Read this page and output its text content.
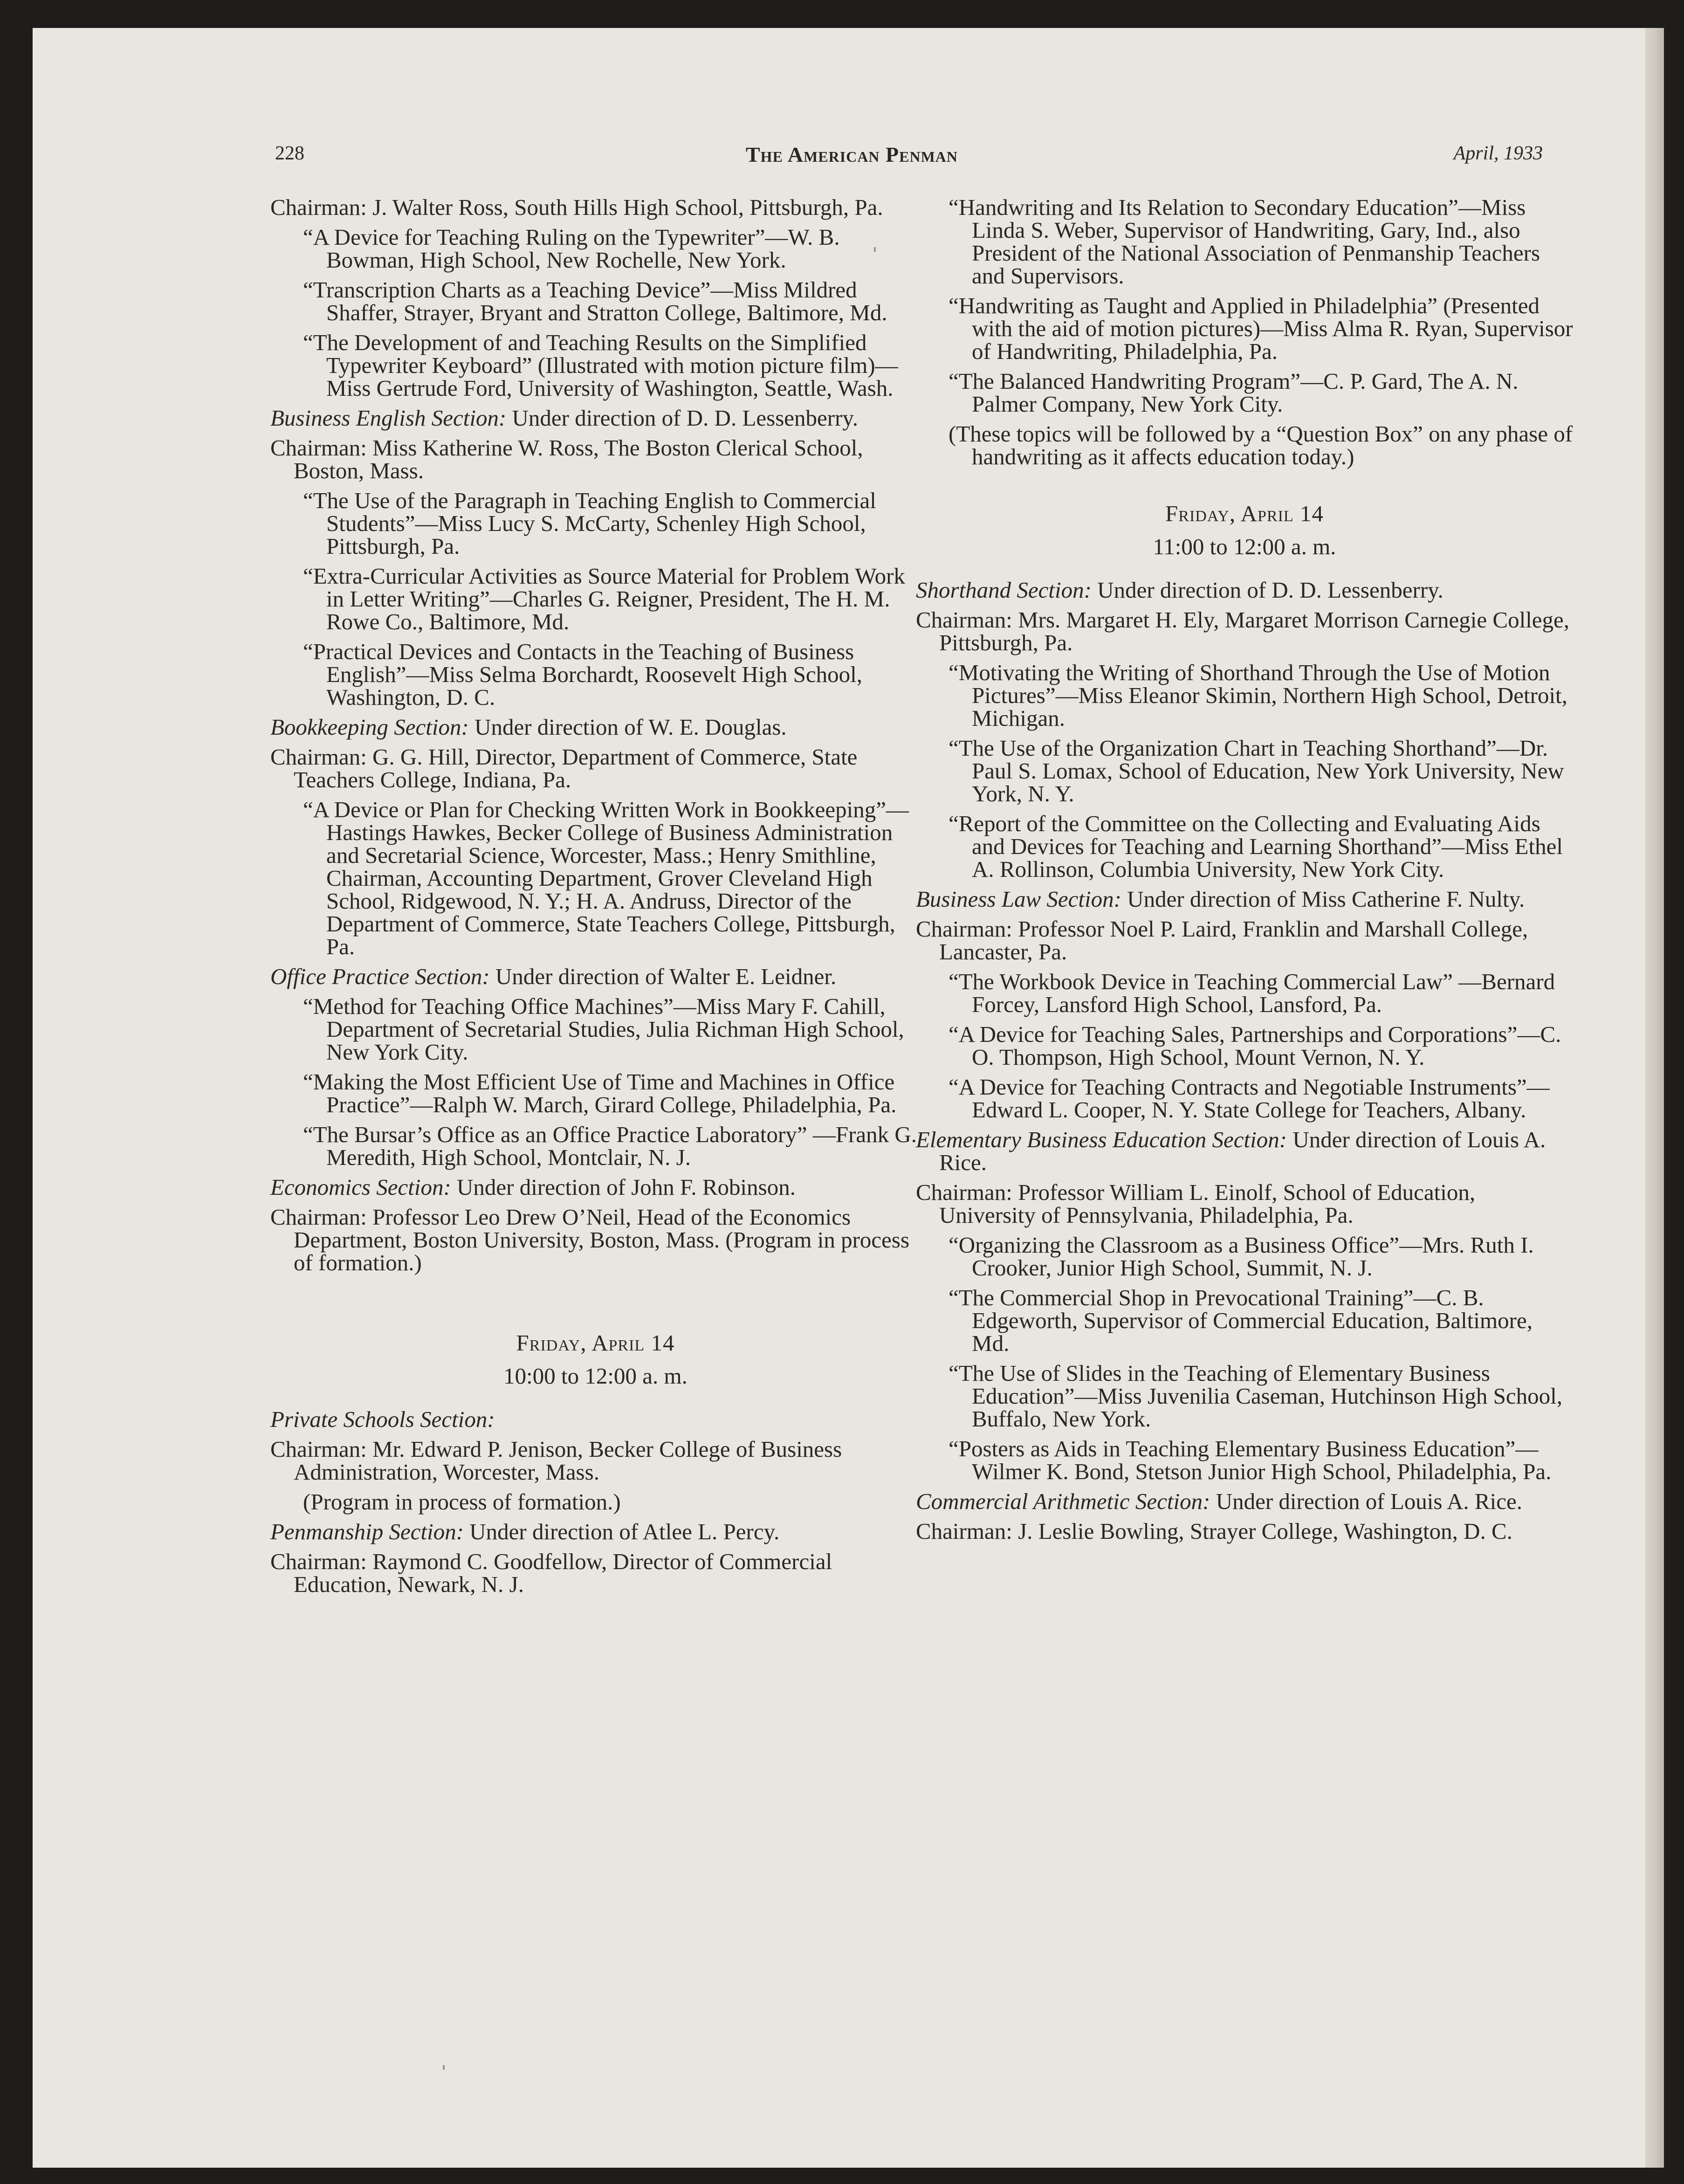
228	The American Penman	April, 1933

Chairman: J. Walter Ross, South Hills High School, Pittsburgh, Pa.

“A Device for Teaching Ruling on the Typewriter”—W. B. Bowman, High School, New Rochelle, New York.

“Transcription Charts as a Teaching Device”—Miss Mildred Shaffer, Strayer, Bryant and Stratton College, Baltimore, Md.

“The Development of and Teaching Results on the Simplified Typewriter Keyboard” (Illustrated with motion picture film)—Miss Gertrude Ford, University of Washington, Seattle, Wash.

Business English Section: Under direction of D. D. Lessenberry.

Chairman: Miss Katherine W. Ross, The Boston Clerical School, Boston, Mass.

“The Use of the Paragraph in Teaching English to Commercial Students”—Miss Lucy S. McCarty, Schenley High School, Pittsburgh, Pa.

“Extra-Curricular Activities as Source Material for Problem Work in Letter Writing”—Charles G. Reigner, President, The H. M. Rowe Co., Baltimore, Md.

“Practical Devices and Contacts in the Teaching of Business English”—Miss Selma Borchardt, Roosevelt High School, Washington, D. C.

Bookkeeping Section: Under direction of W. E. Douglas.

Chairman: G. G. Hill, Director, Department of Commerce, State Teachers College, Indiana, Pa.

“A Device or Plan for Checking Written Work in Bookkeeping”—Hastings Hawkes, Becker College of Business Administration and Secretarial Science, Worcester, Mass.; Henry Smithline, Chairman, Accounting Department, Grover Cleveland High School, Ridgewood, N. Y.; H. A. Andruss, Director of the Department of Commerce, State Teachers College, Pittsburgh, Pa.

Office Practice Section: Under direction of Walter E. Leidner.

“Method for Teaching Office Machines”—Miss Mary F. Cahill, Department of Secretarial Studies, Julia Richman High School, New York City.

“Making the Most Efficient Use of Time and Machines in Office Practice”—Ralph W. March, Girard College, Philadelphia, Pa.

“The Bursar’s Office as an Office Practice Laboratory” —Frank G. Meredith, High School, Montclair, N. J.

Economics Section: Under direction of John F. Robinson.

Chairman: Professor Leo Drew O’Neil, Head of the Economics Department, Boston University, Boston, Mass. (Program in process of formation.)

Friday, April 14

10:00 to 12:00 a. m.

Private Schools Section:

Chairman: Mr. Edward P. Jenison, Becker College of Business Administration, Worcester, Mass.

(Program in process of formation.)

Penmanship Section: Under direction of Atlee L. Percy.

Chairman: Raymond C. Goodfellow, Director of Commercial Education, Newark, N. J.

“Handwriting and Its Relation to Secondary Education”—Miss Linda S. Weber, Supervisor of Handwriting, Gary, Ind., also President of the National Association of Penmanship Teachers and Supervisors.

“Handwriting as Taught and Applied in Philadelphia” (Presented with the aid of motion pictures)—Miss Alma R. Ryan, Supervisor of Handwriting, Philadelphia, Pa.

“The Balanced Handwriting Program”—C. P. Gard, The A. N. Palmer Company, New York City.

(These topics will be followed by a “Question Box” on any phase of handwriting as it affects education today.)

Friday, April 14

11:00 to 12:00 a. m.

Shorthand Section: Under direction of D. D. Lessenberry.

Chairman: Mrs. Margaret H. Ely, Margaret Morrison Carnegie College, Pittsburgh, Pa.

“Motivating the Writing of Shorthand Through the Use of Motion Pictures”—Miss Eleanor Skimin, Northern High School, Detroit, Michigan.

“The Use of the Organization Chart in Teaching Shorthand”—Dr. Paul S. Lomax, School of Education, New York University, New York, N. Y.

“Report of the Committee on the Collecting and Evaluating Aids and Devices for Teaching and Learning Shorthand”—Miss Ethel A. Rollinson, Columbia University, New York City.

Business Law Section: Under direction of Miss Catherine F. Nulty.

Chairman: Professor Noel P. Laird, Franklin and Marshall College, Lancaster, Pa.

“The Workbook Device in Teaching Commercial Law” —Bernard Forcey, Lansford High School, Lansford, Pa.

“A Device for Teaching Sales, Partnerships and Corporations”—C. O. Thompson, High School, Mount Vernon, N. Y.

“A Device for Teaching Contracts and Negotiable Instruments”—Edward L. Cooper, N. Y. State College for Teachers, Albany.

Elementary Business Education Section: Under direction of Louis A. Rice.

Chairman: Professor William L. Einolf, School of Education, University of Pennsylvania, Philadelphia, Pa.

“Organizing the Classroom as a Business Office”—Mrs. Ruth I. Crooker, Junior High School, Summit, N. J.

“The Commercial Shop in Prevocational Training”—C. B. Edgeworth, Supervisor of Commercial Education, Baltimore, Md.

“The Use of Slides in the Teaching of Elementary Business Education”—Miss Juvenilia Caseman, Hutchinson High School, Buffalo, New York.

“Posters as Aids in Teaching Elementary Business Education”—Wilmer K. Bond, Stetson Junior High School, Philadelphia, Pa.

Commercial Arithmetic Section: Under direction of Louis A. Rice.

Chairman: J. Leslie Bowling, Strayer College, Washington, D. C.
